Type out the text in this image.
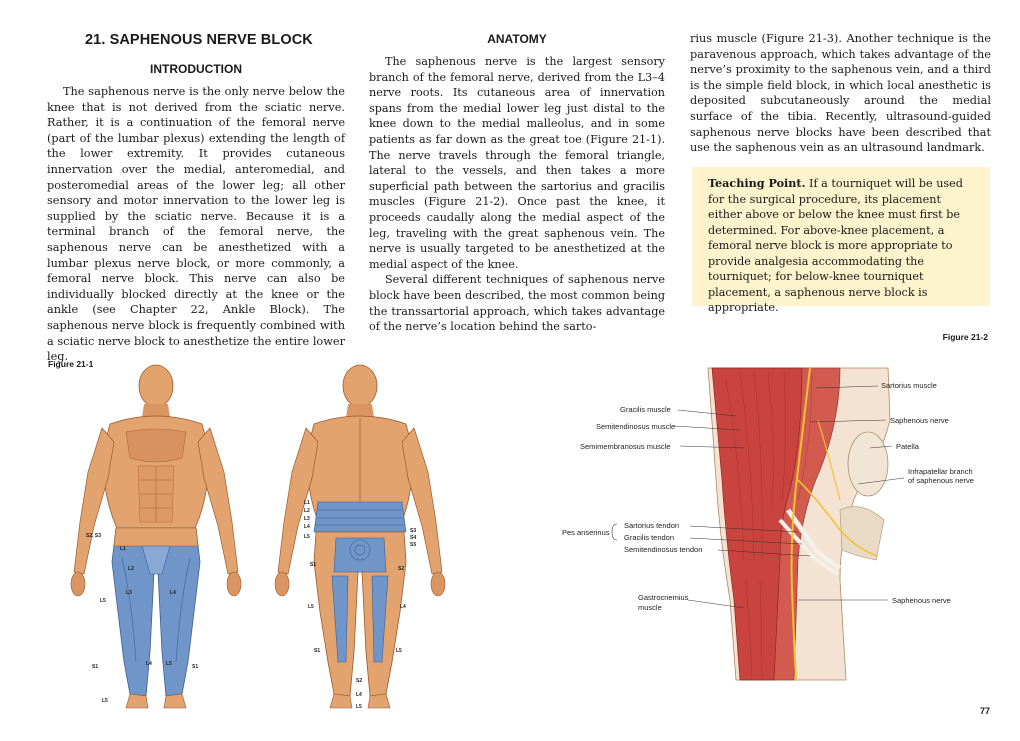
21. SAPHENOUS NERVE BLOCK
INTRODUCTION

The saphenous nerve is the only nerve below the knee that is not derived from the sciatic nerve. Rather, it is a continuation of the femoral nerve (part of the lumbar plexus) extending the length of the lower extremity. It provides cutaneous innervation over the medial, anteromedial, and posteromedial areas of the lower leg; all other sensory and motor innervation to the lower leg is supplied by the sciatic nerve. Because it is a terminal branch of the femoral nerve, the saphenous nerve can be anesthetized with a lumbar plexus nerve block, or more commonly, a femoral nerve block. This nerve can also be individually blocked directly at the knee or the ankle (see Chapter 22, Ankle Block). The saphenous nerve block is frequently combined with a sciatic nerve block to anesthetize the entire lower leg.

ANATOMY

The saphenous nerve is the largest sensory branch of the femoral nerve, derived from the L3–4 nerve roots. Its cutaneous area of innervation spans from the medial lower leg just distal to the knee down to the medial malleolus, and in some patients as far down as the great toe (Figure 21-1). The nerve travels through the femoral triangle, lateral to the vessels, and then takes a more superficial path between the sartorius and gracilis muscles (Figure 21-2). Once past the knee, it proceeds caudally along the medial aspect of the leg, traveling with the great saphenous vein. The nerve is usually targeted to be anesthetized at the medial aspect of the knee.

Several different techniques of saphenous nerve block have been described, the most common being the transsartorial approach, which takes advantage of the nerve’s location behind the sarto-

rius muscle (Figure 21-3). Another technique is the paravenous approach, which takes advantage of the nerve’s proximity to the saphenous vein, and a third is the simple field block, in which local anesthetic is deposited subcutaneously around the medial surface of the tibia. Recently, ultrasound-guided saphenous nerve blocks have been described that use the saphenous vein as an ultrasound landmark.

Teaching Point. If a tourniquet will be used for the surgical procedure, its placement either above or below the knee must first be determined. For above-knee placement, a femoral nerve block is more appropriate to provide analgesia accommodating the tourniquet; for below-knee tourniquet placement, a saphenous nerve block is appropriate.

Figure 21-2
Figure 21-1
S2, S3
L1
L2
L3	L4
L5
S1	L4	L5
L5
S1
L1
L2
L3
L4
L5
S3
S4
S5
S1
S2
L5	L4
S1	L5
S2
L4
L5
Sartorius muscle
Saphenous nerve
Patella
Infrapatellar branch
of saphenous nerve
Gracilis muscle
Semitendinosus muscle
Semimembranosus muscle
Pes anserinus
Sartorius tendon
Gracilis tendon
Semitendinosus tendon
Gastrocnemius
muscle
Saphenous nerve
77
